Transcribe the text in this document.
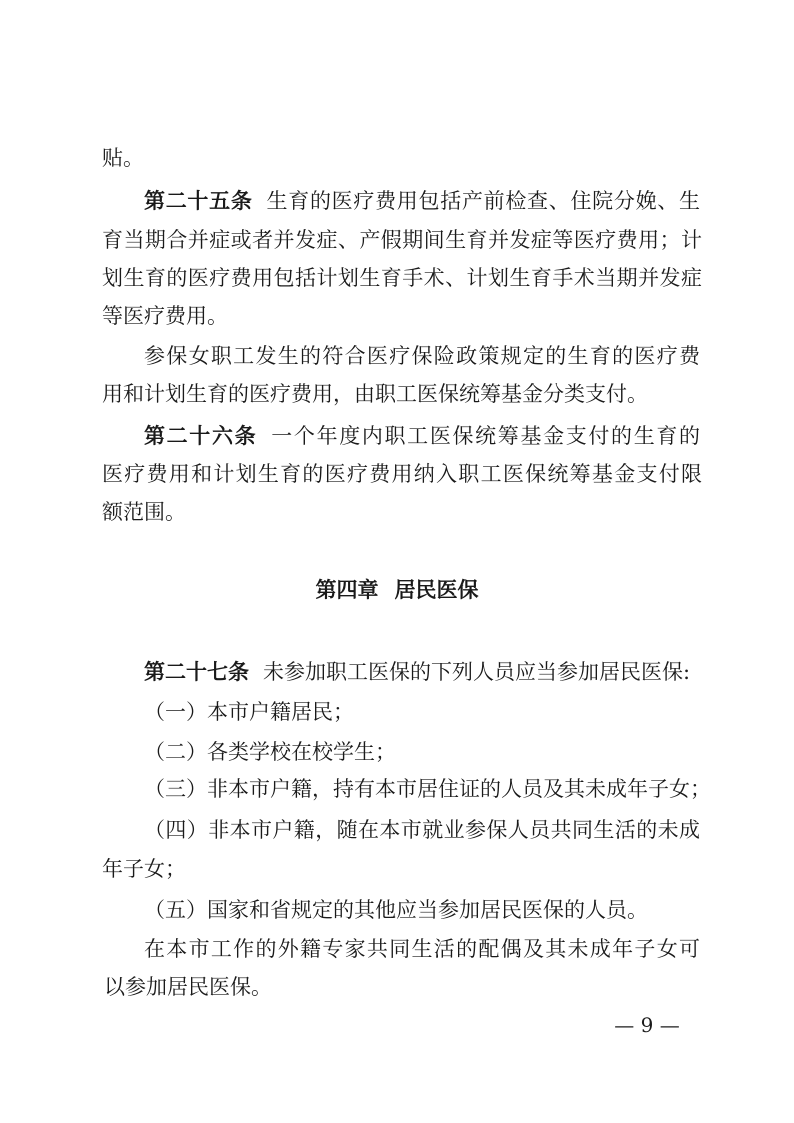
贴。
第二十五条 生育的医疗费用包括产前检查、住院分娩、生
育当期合并症或者并发症、产假期间生育并发症等医疗费用；计
划生育的医疗费用包括计划生育手术、计划生育手术当期并发症
等医疗费用。
参保女职工发生的符合医疗保险政策规定的生育的医疗费
用和计划生育的医疗费用，由职工医保统筹基金分类支付。
第二十六条 一个年度内职工医保统筹基金支付的生育的
医疗费用和计划生育的医疗费用纳入职工医保统筹基金支付限
额范围。
第四章 居民医保
第二十七条 未参加职工医保的下列人员应当参加居民医保:
（一）本市户籍居民；
（二）各类学校在校学生；
（三）非本市户籍，持有本市居住证的人员及其未成年子女；
（四）非本市户籍，随在本市就业参保人员共同生活的未成
年子女；
（五）国家和省规定的其他应当参加居民医保的人员。
在本市工作的外籍专家共同生活的配偶及其未成年子女可
以参加居民医保。
— 9 —
